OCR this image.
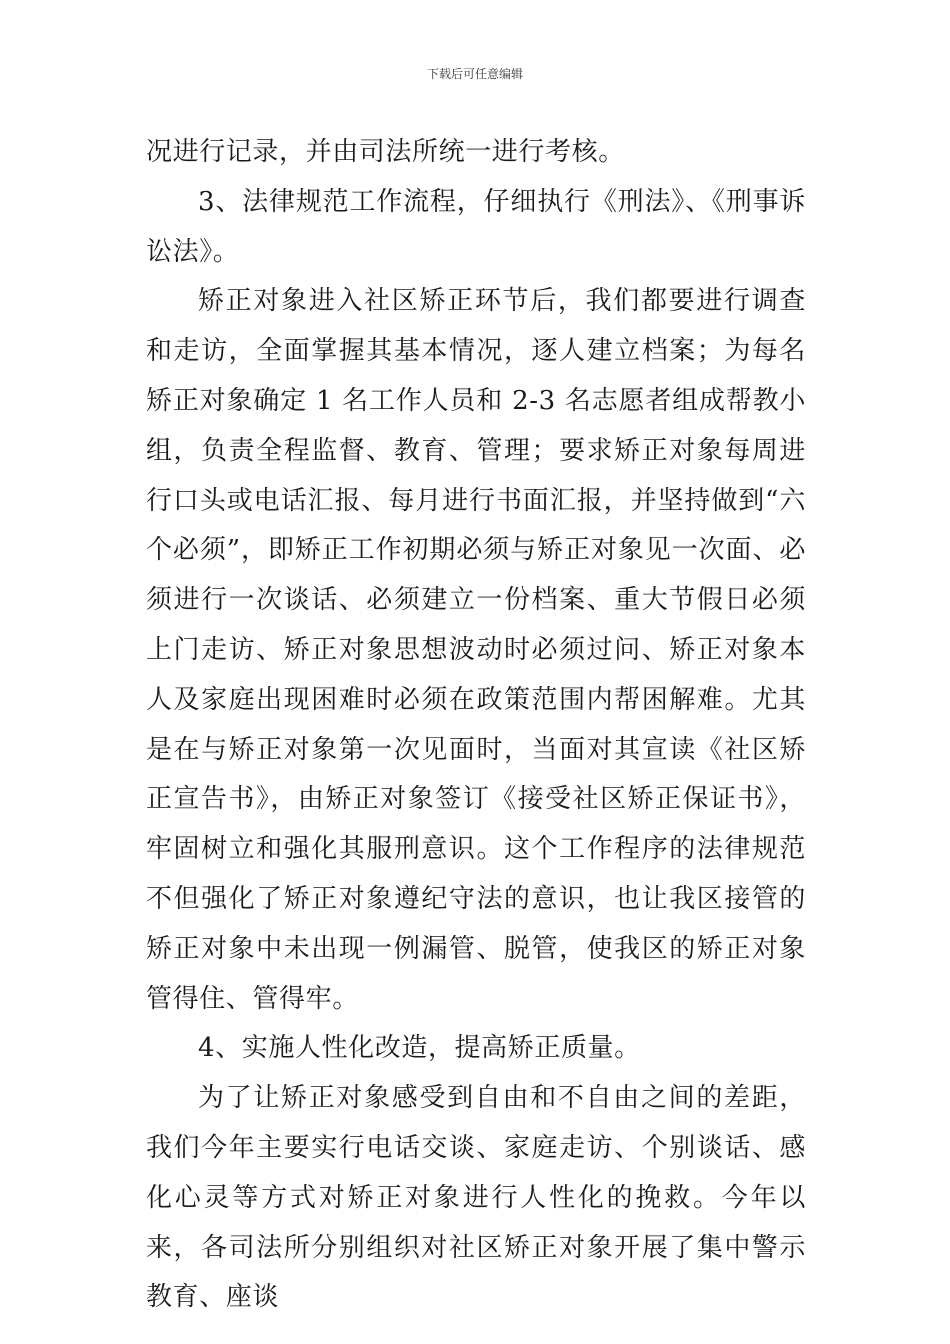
下载后可任意编辑

况进行记录，并由司法所统一进行考核。

3、法律规范工作流程，仔细执行《刑法》、《刑事诉讼法》。

矫正对象进入社区矫正环节后，我们都要进行调查和走访，全面掌握其基本情况，逐人建立档案；为每名矫正对象确定 1 名工作人员和 2-3 名志愿者组成帮教小组，负责全程监督、教育、管理；要求矫正对象每周进行口头或电话汇报、每月进行书面汇报，并坚持做到“六个必须”，即矫正工作初期必须与矫正对象见一次面、必须进行一次谈话、必须建立一份档案、重大节假日必须上门走访、矫正对象思想波动时必须过问、矫正对象本人及家庭出现困难时必须在政策范围内帮困解难。尤其是在与矫正对象第一次见面时，当面对其宣读《社区矫正宣告书》，由矫正对象签订《接受社区矫正保证书》，牢固树立和强化其服刑意识。这个工作程序的法律规范不但强化了矫正对象遵纪守法的意识，也让我区接管的矫正对象中未出现一例漏管、脱管，使我区的矫正对象管得住、管得牢。

4、实施人性化改造，提高矫正质量。

为了让矫正对象感受到自由和不自由之间的差距，我们今年主要实行电话交谈、家庭走访、个别谈话、感化心灵等方式对矫正对象进行人性化的挽救。今年以来，各司法所分别组织对社区矫正对象开展了集中警示教育、座谈
